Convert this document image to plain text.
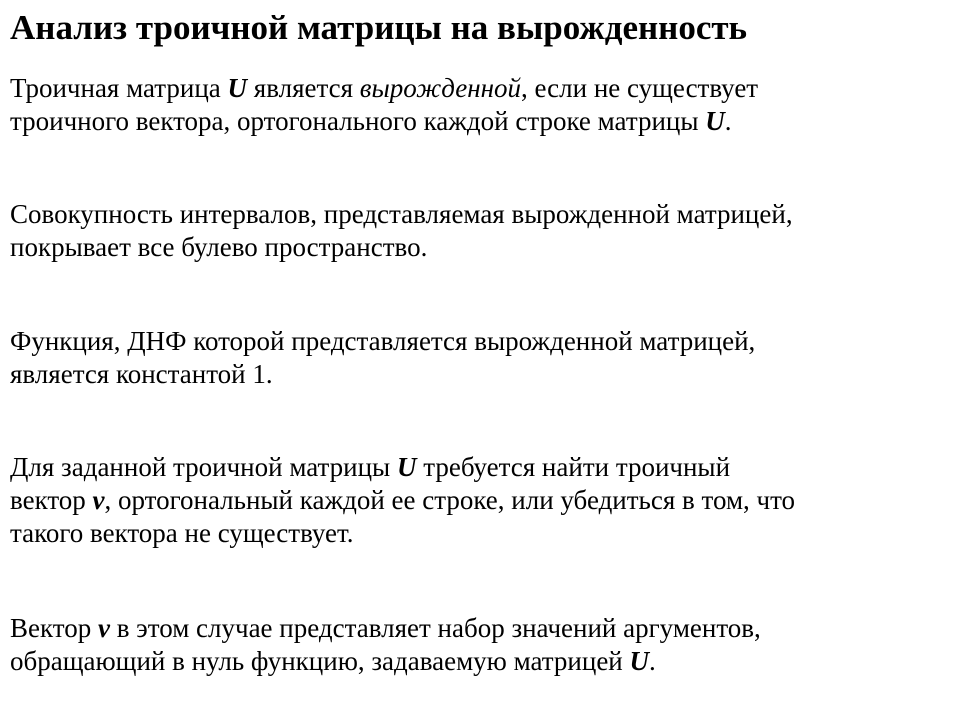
Анализ троичной матрицы на вырожденность

Троичная матрица U является вырожденной, если не существует
троичного вектора, ортогонального каждой строке матрицы U.

Совокупность интервалов, представляемая вырожденной матрицей,
покрывает все булево пространство.

Функция, ДНФ которой представляется вырожденной матрицей,
является константой 1.

Для заданной троичной матрицы U требуется найти троичный
вектор v, ортогональный каждой ее строке, или убедиться в том, что
такого вектора не существует.

Вектор v в этом случае представляет набор значений аргументов,
обращающий в нуль функцию, задаваемую матрицей U.
